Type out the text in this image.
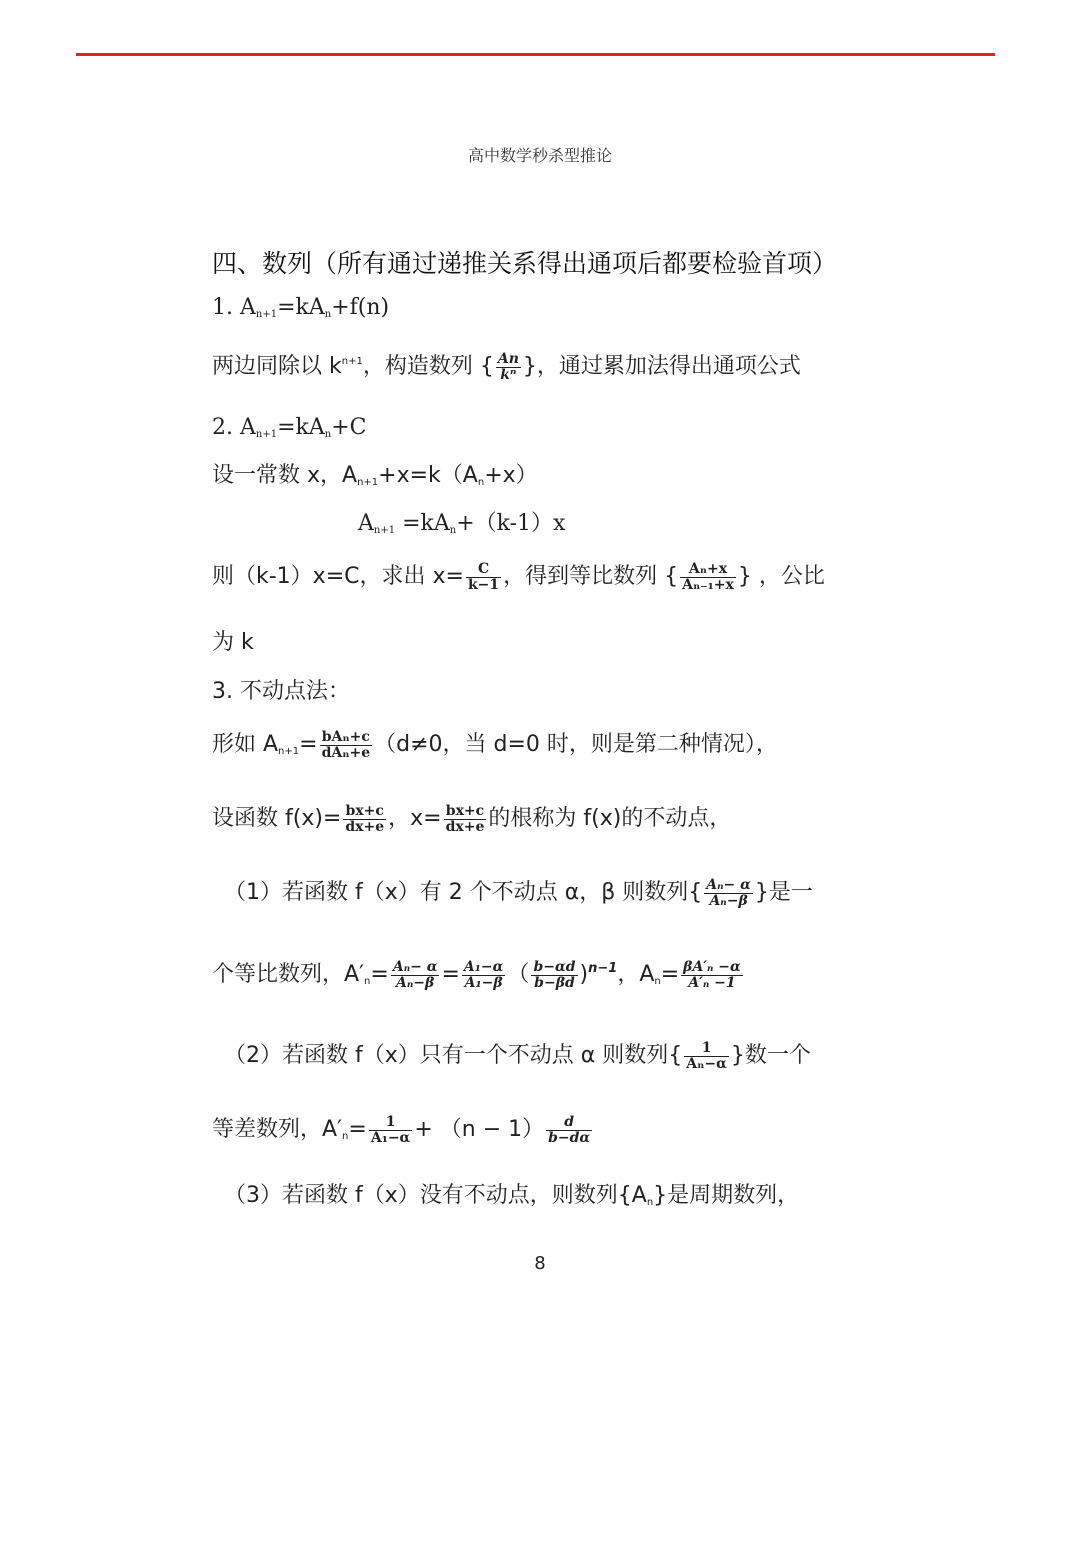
高中数学秒杀型推论
四、数列（所有通过递推关系得出通项后都要检验首项）
1. $A_{n+1}=kA_n+f(n)$
两边同除以 $k^{n+1}$，构造数列 { $\frac{An}{\text{kⁿ}}$ }，通过累加法得出通项公式
2. $A_{n+1}=kA_n+C$
设一常数 x，$A_{n+1}+x=k(A_n+x)$
$A_{n+1} =kA_n+(k-1)x$
则（k-1）x=C，求出 $x= \frac{C}{k-1}$ ，得到等比数列 { $\frac{\text{Aₙ+x}}{\text{Aₙ₋₁+x}}$ } ，公比
为 k
3. 不动点法：
形如 $A_{n+1}= \frac{\text{bAₙ+c}}{\text{dAₙ+e}} (d\ne 0$，当 d=0 时，则是第二种情况），
设函数 $f(x)= \frac{bx+c}{dx+e}$ ，$x= \frac{bx+c}{dx+e}$ 的根称为 f(x)的不动点，
（1）若函数 f（x）有 2 个不动点 α，β 则数列{ $\frac{\text{Aₙ− α}}{\text{Aₙ−β}}$ }是一
个等比数列，$A'_n= \frac{\text{Aₙ− α}}{\text{Aₙ−β}} = \frac{\text{A₁−α}}{\text{A₁−β}}$ （ $\frac{b-\alpha d}{b-\beta d} )^{n-1}$，$A_n= \frac{\text{βA′ₙ −α}}{\text{A′ₙ −1}}$
（2）若函数 f（x）只有一个不动点 α 则数列{ $\frac{1}{\text{Aₙ−α}}$ }数一个
等差数列，$A'_n= \frac{1}{\text{A₁−α}} + (n - 1) \frac{d}{b-d\alpha}$
（3）若函数 f（x）没有不动点，则数列$\{A_n\}$是周期数列，
8
